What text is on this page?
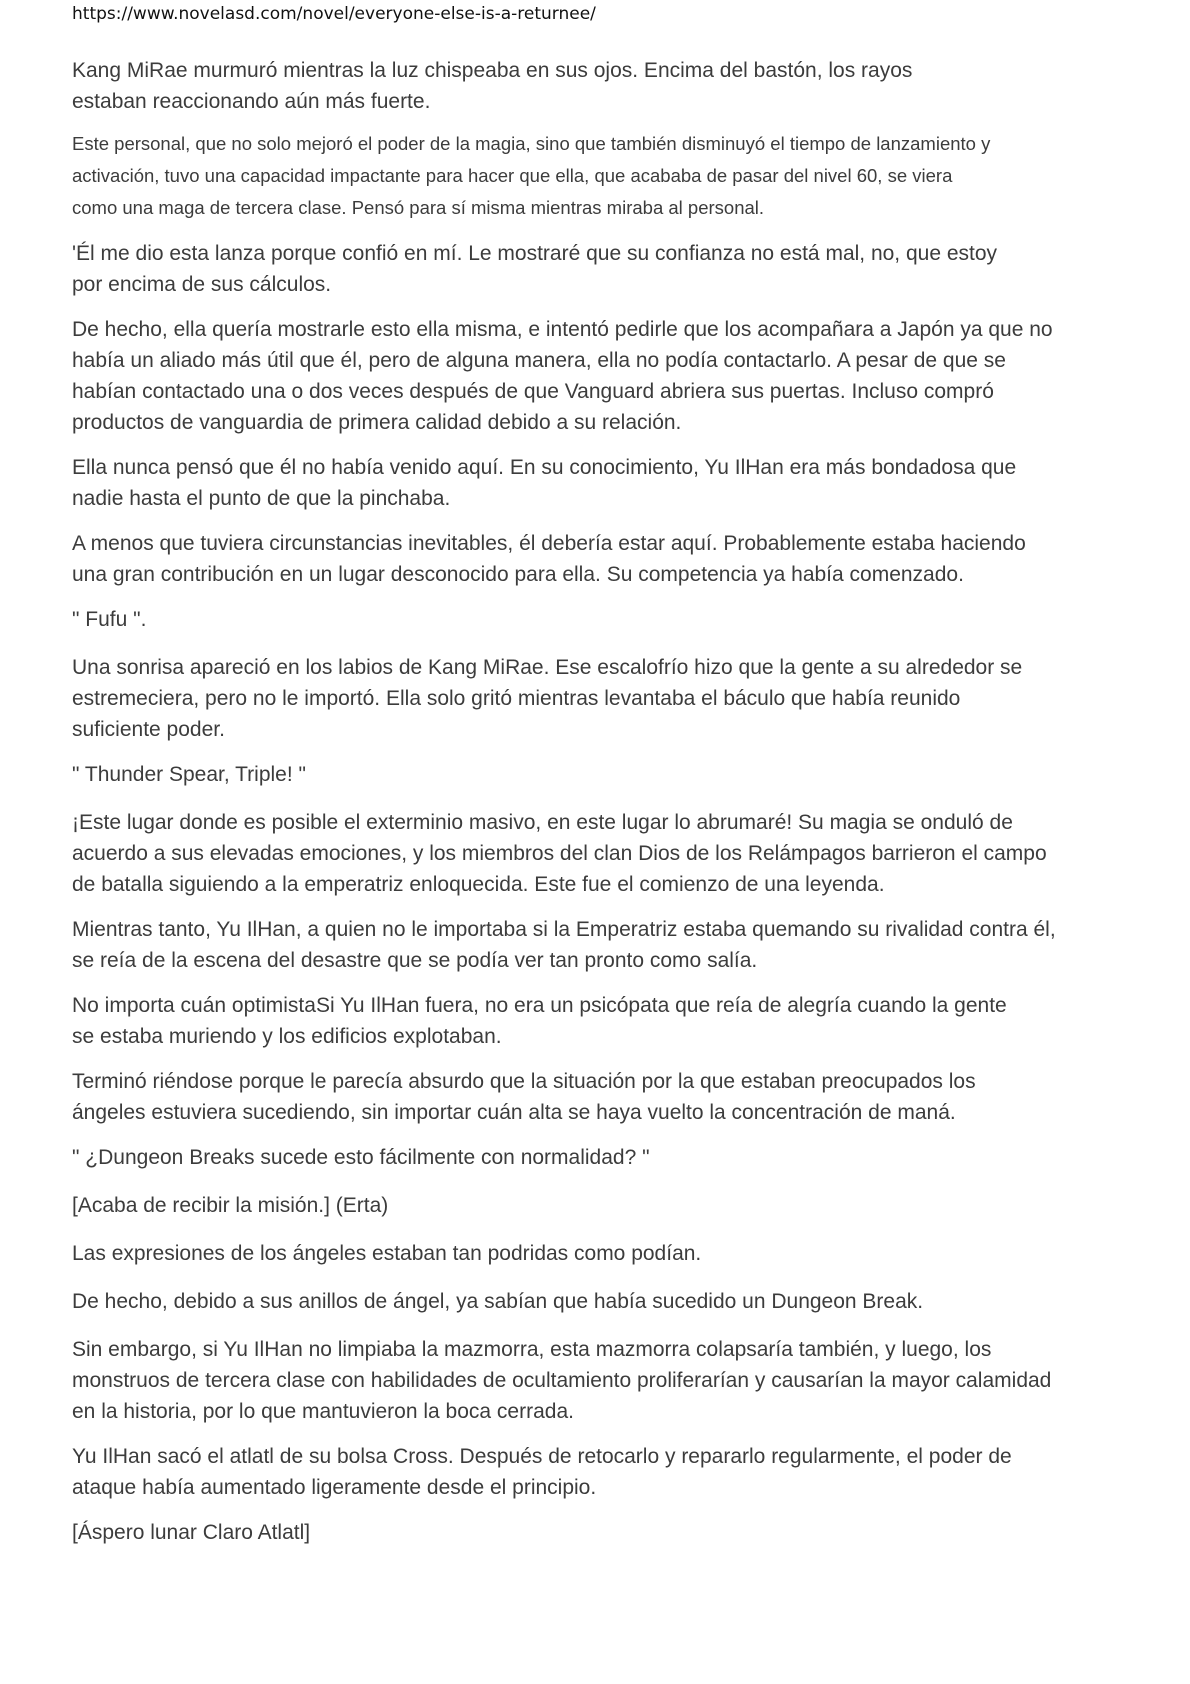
https://www.novelasd.com/novel/everyone-else-is-a-returnee/
Kang MiRae murmuró mientras la luz chispeaba en sus ojos. Encima del bastón, los rayos
estaban reaccionando aún más fuerte.
Este personal, que no solo mejoró el poder de la magia, sino que también disminuyó el tiempo de lanzamiento y
activación, tuvo una capacidad impactante para hacer que ella, que acababa de pasar del nivel 60, se viera
como una maga de tercera clase. Pensó para sí misma mientras miraba al personal.
'Él me dio esta lanza porque confió en mí. Le mostraré que su confianza no está mal, no, que estoy
por encima de sus cálculos.
De hecho, ella quería mostrarle esto ella misma, e intentó pedirle que los acompañara a Japón ya que no
había un aliado más útil que él, pero de alguna manera, ella no podía contactarlo. A pesar de que se
habían contactado una o dos veces después de que Vanguard abriera sus puertas. Incluso compró
productos de vanguardia de primera calidad debido a su relación.
Ella nunca pensó que él no había venido aquí. En su conocimiento, Yu IlHan era más bondadosa que
nadie hasta el punto de que la pinchaba.
A menos que tuviera circunstancias inevitables, él debería estar aquí. Probablemente estaba haciendo
una gran contribución en un lugar desconocido para ella. Su competencia ya había comenzado.
" Fufu ".
Una sonrisa apareció en los labios de Kang MiRae. Ese escalofrío hizo que la gente a su alrededor se
estremeciera, pero no le importó. Ella solo gritó mientras levantaba el báculo que había reunido
suficiente poder.
" Thunder Spear, Triple! "
¡Este lugar donde es posible el exterminio masivo, en este lugar lo abrumaré! Su magia se onduló de
acuerdo a sus elevadas emociones, y los miembros del clan Dios de los Relámpagos barrieron el campo
de batalla siguiendo a la emperatriz enloquecida. Este fue el comienzo de una leyenda.
Mientras tanto, Yu IlHan, a quien no le importaba si la Emperatriz estaba quemando su rivalidad contra él,
se reía de la escena del desastre que se podía ver tan pronto como salía.
No importa cuán optimistaSi Yu IlHan fuera, no era un psicópata que reía de alegría cuando la gente
se estaba muriendo y los edificios explotaban.
Terminó riéndose porque le parecía absurdo que la situación por la que estaban preocupados los
ángeles estuviera sucediendo, sin importar cuán alta se haya vuelto la concentración de maná.
" ¿Dungeon Breaks sucede esto fácilmente con normalidad? "
[Acaba de recibir la misión.] (Erta)
Las expresiones de los ángeles estaban tan podridas como podían.
De hecho, debido a sus anillos de ángel, ya sabían que había sucedido un Dungeon Break.
Sin embargo, si Yu IlHan no limpiaba la mazmorra, esta mazmorra colapsaría también, y luego, los
monstruos de tercera clase con habilidades de ocultamiento proliferarían y causarían la mayor calamidad
en la historia, por lo que mantuvieron la boca cerrada.
Yu IlHan sacó el atlatl de su bolsa Cross. Después de retocarlo y repararlo regularmente, el poder de
ataque había aumentado ligeramente desde el principio.
[Áspero lunar Claro Atlatl]
